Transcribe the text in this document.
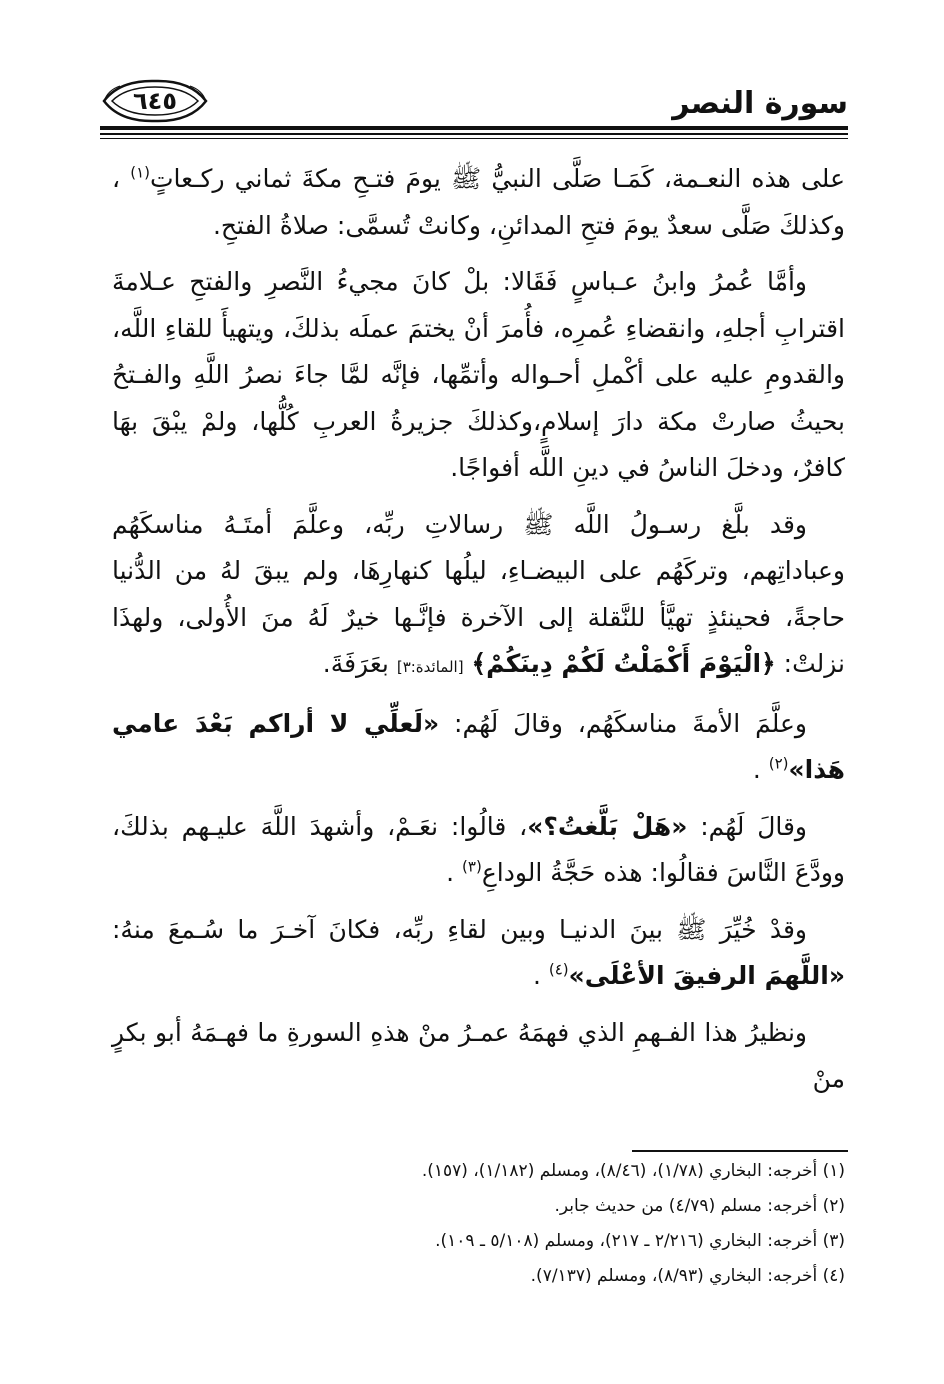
سورة النصر
٦٤٥

على هذه النعـمة، كَمَـا صَلَّى النبيُّ ﷺ يومَ فتـحِ مكةَ ثماني ركـعاتٍ$^{(١)}$ ، وكذلكَ صَلَّى سعدٌ يومَ فتحِ المدائنِ، وكانتْ تُسمَّى: صلاةُ الفتحِ.

وأمَّا عُمرُ وابنُ عـباسٍ فَقَالا: بلْ كانَ مجيءُ النَّصرِ والفتحِ عـلامةَ اقترابِ أجلهِ، وانقضاءِ عُمرِه، فأُمرَ أنْ يختمَ عملَه بذلكَ، ويتهيأَ للقاءِ اللَّه، والقدومِ عليه على أكْملِ أحـواله وأتمِّها، فإنَّه لمَّا جاءَ نصرُ اللَّهِ والفـتحُ بحيثُ صارتْ مكة دارَ إسلامٍ،وكذلكَ جزيرةُ العربِ كُلُّها، ولمْ يبْقَ بهَا كافرٌ، ودخلَ الناسُ في دينِ اللَّه أفواجًا.

وقد بلَّغ رسـولُ اللَّه ﷺ رسالاتِ ربِّه، وعلَّمَ أمتَـهُ مناسكَهُم وعباداتِهم، وتركَهُم على البيضـاءِ، ليلُها كنهارِهَا، ولم يبقَ لهُ من الدُّنيا حاجةً، فحينئذٍ تهيَّأ للنَّقلة إلى الآخرة فإنَّـها خيرٌ لَهُ منَ الأُولى، ولهذَا نزلتْ: ﴿الْيَوْمَ أَكْمَلْتُ لَكُمْ دِينَكُمْ﴾ [المائدة:٣] بعَرَفَةَ.

وعلَّمَ الأمةَ مناسكَهُم، وقالَ لَهُم: «لَعلِّي لا أراكم بَعْدَ عامي هَذا»$^{(٢)}$ .

وقالَ لَهُم: «هَلْ بَلَّغتُ؟»، قالُوا: نعَـمْ، وأشهدَ اللَّهَ عليـهم بذلكَ، وودَّعَ النَّاسَ فقالُوا: هذه حَجَّةُ الوداعِ$^{(٣)}$ .

وقدْ خُيِّرَ ﷺ بينَ الدنيـا وبين لقاءِ ربِّه، فكانَ آخـرَ ما سُـمعَ منهُ: «اللَّهمَ الرفيقَ الأعْلَى»$^{(٤)}$ .

ونظيرُ هذا الفـهمِ الذي فهمَهُ عمـرُ منْ هذهِ السورةِ ما فهـمَهُ أبو بكرٍ منْ

(١) أخرجه: البخاري (١/٧٨)، (٨/٤٦)، ومسلم (١/١٨٢)، (١٥٧).

(٢) أخرجه: مسلم (٤/٧٩) من حديث جابر.

(٣) أخرجه: البخاري (٢/٢١٦ ـ ٢١٧)، ومسلم (٥/١٠٨ ـ ١٠٩).

(٤) أخرجه: البخاري (٨/٩٣)، ومسلم (٧/١٣٧).
